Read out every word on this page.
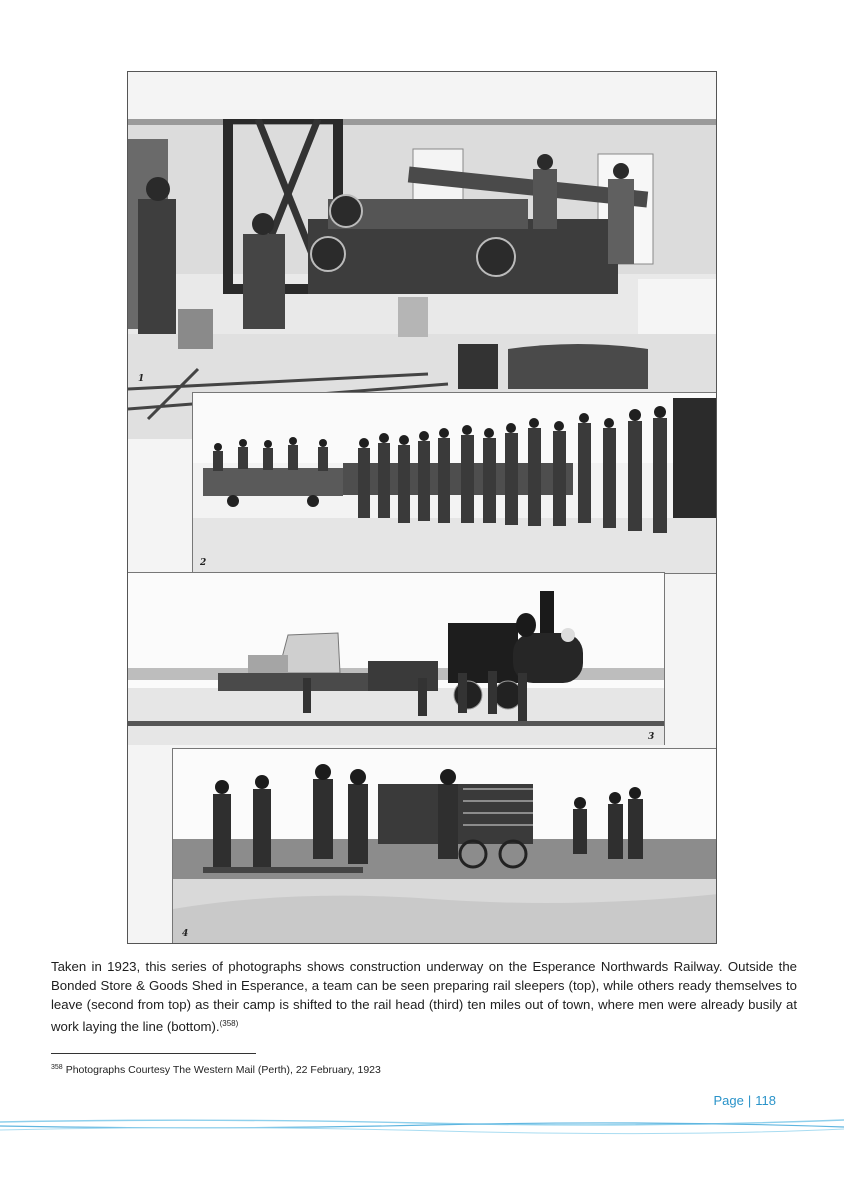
1
2
3
4

Taken in 1923, this series of photographs shows construction underway on the Esperance Northwards Railway. Outside the Bonded Store & Goods Shed in Esperance, a team can be seen preparing rail sleepers (top), while others ready themselves to leave (second from top) as their camp is shifted to the rail head (third) ten miles out of town, where men were already busily at work laying the line (bottom).$^{(358)}$

$^{358}$ Photographs Courtesy The Western Mail (Perth), 22 February, 1923
Page | 118
